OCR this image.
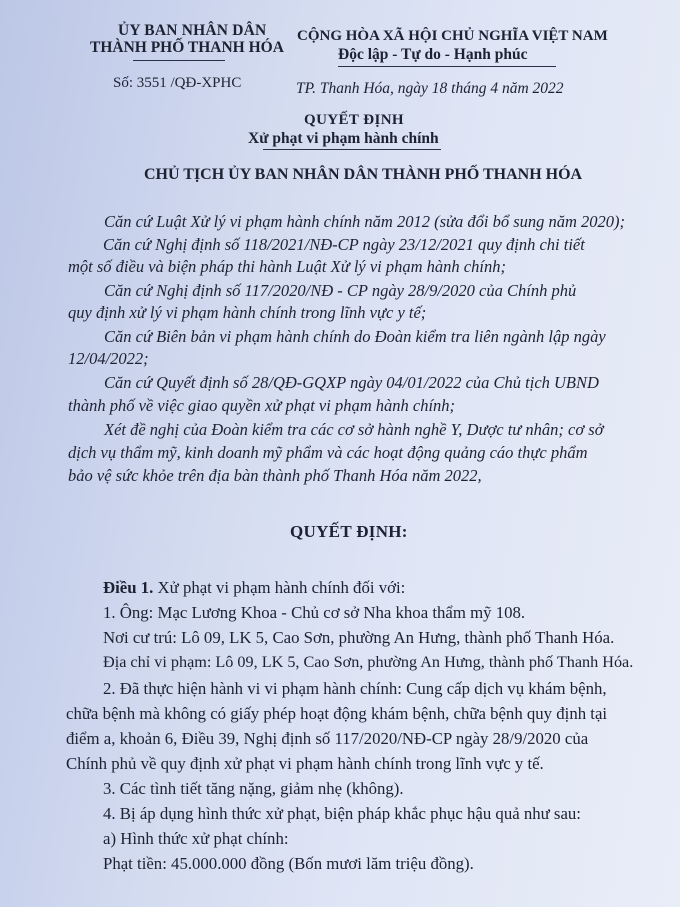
ỦY BAN NHÂN DÂN
THÀNH PHỐ THANH HÓA
Số: 3551 /QĐ-XPHC
CỘNG HÒA XÃ HỘI CHỦ NGHĨA VIỆT NAM
Độc lập - Tự do - Hạnh phúc
TP. Thanh Hóa, ngày 18 tháng 4 năm 2022
QUYẾT ĐỊNH
Xử phạt vi phạm hành chính
CHỦ TỊCH ỦY BAN NHÂN DÂN THÀNH PHỐ THANH HÓA
Căn cứ Luật Xử lý vi phạm hành chính năm 2012 (sửa đổi bổ sung năm 2020);
Căn cứ Nghị định số 118/2021/NĐ-CP ngày 23/12/2021 quy định chi tiết
một số điều và biện pháp thi hành Luật Xử lý vi phạm hành chính;
Căn cứ Nghị định số 117/2020/NĐ - CP ngày 28/9/2020 của Chính phủ
quy định xử lý vi phạm hành chính trong lĩnh vực y tế;
Căn cứ Biên bản vi phạm hành chính do Đoàn kiểm tra liên ngành lập ngày
12/04/2022;
Căn cứ Quyết định số 28/QĐ-GQXP ngày 04/01/2022 của Chủ tịch UBND
thành phố về việc giao quyền xử phạt vi phạm hành chính;
Xét đề nghị của Đoàn kiểm tra các cơ sở hành nghề Y, Dược tư nhân; cơ sở
dịch vụ thẩm mỹ, kinh doanh mỹ phẩm và các hoạt động quảng cáo thực phẩm
bảo vệ sức khỏe trên địa bàn thành phố Thanh Hóa năm 2022,
QUYẾT ĐỊNH:
Điều 1. Xử phạt vi phạm hành chính đối với:
1. Ông: Mạc Lương Khoa - Chủ cơ sở Nha khoa thẩm mỹ 108.
Nơi cư trú: Lô 09, LK 5, Cao Sơn, phường An Hưng, thành phố Thanh Hóa.
Địa chỉ vi phạm: Lô 09, LK 5, Cao Sơn, phường An Hưng, thành phố Thanh Hóa.
2. Đã thực hiện hành vi vi phạm hành chính: Cung cấp dịch vụ khám bệnh,
chữa bệnh mà không có giấy phép hoạt động khám bệnh, chữa bệnh quy định tại
điểm a, khoản 6, Điều 39, Nghị định số 117/2020/NĐ-CP ngày 28/9/2020 của
Chính phủ về quy định xử phạt vi phạm hành chính trong lĩnh vực y tế.
3. Các tình tiết tăng nặng, giảm nhẹ (không).
4. Bị áp dụng hình thức xử phạt, biện pháp khắc phục hậu quả như sau:
a) Hình thức xử phạt chính:
Phạt tiền: 45.000.000 đồng (Bốn mươi lăm triệu đồng).
